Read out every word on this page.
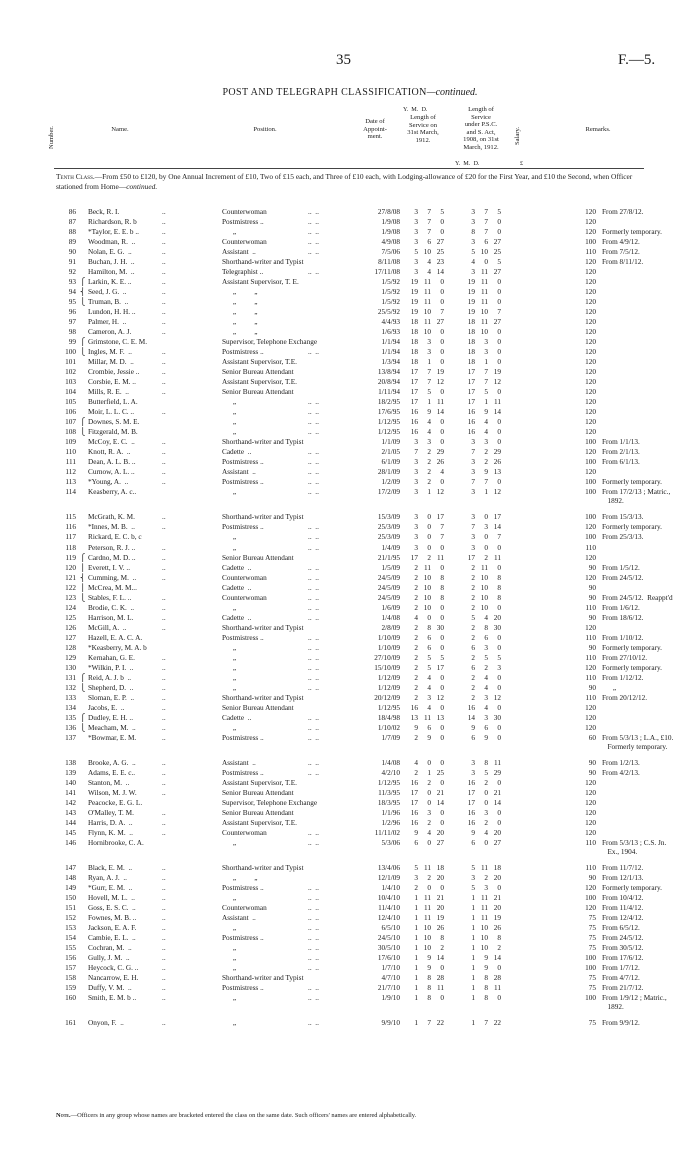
35	F.—5.
POST AND TELEGRAPH CLASSIFICATION—continued.
Number.	Name.	Position.
Date of
Appoint-
ment.
Length of
Service on
31st March,
1912.
Length of
Service
under P.S.C.
and S. Act,
1908, on 31st
March, 1912.
Salary.	Remarks.
Y.  M.  D.
Y.  M.  D.	£
Tenth Class.—From £50 to £120, by One Annual Increment of £10, Two of £15 each, and Three of £10 each, with Lodging-allowance of £20 for the First Year, and £10 the Second, when Officer stationed from Home—continued.
86 Beck, R. I.	..	Counterwoman	..  ..	27/8/08	3	7	5	3	7	5	120 From 27/8/12.
87 Richardson, R. b	..	Postmistress ..	..  ..	1/9/08	3	7	0	3	7	0	120
88 *Taylor, E. E. b ..	..	„	..  ..	1/9/08	3	7	0	8	7	0	120 Formerly temporary.
89 Woodman, R.  ..	..	Counterwoman	..  ..	4/9/08	3	6 27	3	6 27	100 From 4/9/12.
90 Nolan, E. G.  ..	..	Assistant  ..	..  ..	7/5/06	5 10 25	5 10 25	110 From 7/5/12.
91 Buchan, J. H.  ..	..	Shorthand-writer and Typist	8/11/08	3	4 23	4	0	5	120 From 8/11/12.
92 Hamilton, M.  ..	..	Telegraphist ..	..  ..	17/11/08	3	4 14	3 11 27	120
93 ⎧ Larkin, K. E. ..	..	Assistant Supervisor, T. E.	1/5/92	19 11	0	19 11	0	120
94 ⎨ Seed, J. G.  ..	..	„          „	1/5/92	19 11	0	19 11	0	120
95 ⎩ Truman, B.  ..	..	„          „	1/5/92	19 11	0	19 11	0	120
96 Lundon, H. H. ..	..	„          „	25/5/92	19 10	7	19 10	7	120
97 Palmer, H.  ..	..	„          „	4/4/93	18 11 27	18 11 27	120
98 Cameron, A. J.	..	„          „	1/6/93	18 10	0	18 10	0	120
99 ⎧ Grimstone, C. E. M.	Supervisor, Telephone Exchange	1/1/94	18	3	0	18	3	0	120
100 ⎩ Ingles, M. F.  ..	..	Postmistress ..	..  ..	1/1/94	18	3	0	18	3	0	120
101 Millar, M. D.  ..	..	Assistant Supervisor, T.E.	1/3/94	18	1	0	18	1	0	120
102 Crombie, Jessie ..	..	Senior Bureau Attendant	13/8/94	17	7 19	17	7 19	120
103 Corsbie, E. M. ..	..	Assistant Supervisor, T.E.	20/8/94	17	7 12	17	7 12	120
104 Mills, R. E.  ..	..	Senior Bureau Attendant	1/11/94	17	5	0	17	5	0	120
105 Butterfield, L. A.	„	..  ..	18/2/95	17	1 11	17	1 11	120
106 Moir, L. L. C. ..	..	„	..  ..	17/6/95	16	9 14	16	9 14	120
107 ⎧ Downes, S. M. E.	„	..  ..	1/12/95	16	4	0	16	4	0	120
108 ⎩ Fitzgerald, M. B.	„	..  ..	1/12/95	16	4	0	16	4	0	120
109 McCoy, E. C.  ..	..	Shorthand-writer and Typist	1/1/09	3	3	0	3	3	0	100 From 1/1/13.
110 Knott, R. A.  ..	..	Cadette  ..	..  ..	2/1/05	7	2 29	7	2 29	120 From 2/1/13.
111 Dean, A. L. B. ..	..	Postmistress ..	..  ..	6/1/09	3	2 26	3	2 26	100 From 6/1/13.
112 Curnow, A. L. ..	..	Assistant  ..	..  ..	28/1/09	3	2	4	3	9 13	120
113 *Young, A.  ..	..	Postmistress ..	..  ..	1/2/09	3	2	0	7	7	0	100 Formerly temporary.
114 Keasberry, A. c..	„	..  ..	17/2/09	3	1 12	3	1 12	100 From 17/2/13 ; Matric.,
1892.
115 McGrath, K. M.	..	Shorthand-writer and Typist	15/3/09	3	0 17	3	0 17	100 From 15/3/13.
116 *Innes, M. B.  ..	..	Postmistress ..	..  ..	25/3/09	3	0	7	7	3 14	120 Formerly temporary.
117 Rickard, E. C. b, c	„	..  ..	25/3/09	3	0	7	3	0	7	100 From 25/3/13.
118 Peterson, R. J. ..	..	„	..  ..	1/4/09	3	0	0	3	0	0	110
119 ⎧ Cardno, M. D. ..	..	Senior Bureau Attendant	21/1/95	17	2 11	17	2 11	120
120 ⎪ Everett, I. V. ..	..	Cadette  ..	..  ..	1/5/09	2 11	0	2 11	0	90 From 1/5/12.
121 ⎨ Cumming, M.  ..	..	Counterwoman	..  ..	24/5/09	2 10	8	2 10	8	120 From 24/5/12.
122 ⎪ McCrea, M. M...	Cadette  ..	..  ..	24/5/09	2 10	8	2 10	8	90
123 ⎩ Stables, F. L. ..	..	Counterwoman	..  ..	24/5/09	2 10	8	2 10	8	90 From 24/5/12.  Reappt'd
124 Brodie, C. K.  ..	..	„	..  ..	1/6/09	2 10	0	2 10	0	110 From 1/6/12.
125 Harrison, M. L.	..	Cadette  ..	..  ..	1/4/08	4	0	0	5	4 20	90 From 18/6/12.
126 McGill, A.  ..	..	Shorthand-writer and Typist	2/8/09	2	8 30	2	8 30	120
127 Hazell, E. A. C. A.	Postmistress ..	..  ..	1/10/09	2	6	0	2	6	0	110 From 1/10/12.
128 *Keasberry, M. A. b	„	..  ..	1/10/09	2	6	0	6	3	0	90 Formerly temporary.
129 Kernahan, G. E.	..	„	..  ..	27/10/09	2	5	5	2	5	5	110 From 27/10/12.
130 *Wilkin, P. I.  ..	..	„	..  ..	15/10/09	2	5 17	6	2	3	120 Formerly temporary.
131 ⎧ Reid, A. J. b  ..	..	„	..  ..	1/12/09	2	4	0	2	4	0	110 From 1/12/12.
132 ⎩ Shepherd, D.  ..	..	„	..  ..	1/12/09	2	4	0	2	4	0	90 „
133 Sloman, E. P.  ..	..	Shorthand-writer and Typist	20/12/09	2	3 12	2	3 12	110 From 20/12/12.
134 Jacobs, E.  ..	..	Senior Bureau Attendant	1/12/95	16	4	0	16	4	0	120
135 ⎧ Dudley, E. H. ..	..	Cadette  ..	..  ..	18/4/98	13 11 13	14	3 30	120
136 ⎩ Meacham, M.  ..	..	„	..  ..	1/10/02	9	6	0	9	6	0	120
137 *Bowmar, E. M.	..	Postmistress ..	..  ..	1/7/09	2	9	0	6	9	0	60 From 5/3/13 ; L.A., £10.
Formerly temporary.
138 Brooke, A. G.  ..	..	Assistant  ..	..  ..	1/4/08	4	0	0	3	8 11	90 From 1/2/13.
139 Adams, E. E. c..	..	Postmistress ..	..  ..	4/2/10	2	1 25	3	5 29	90 From 4/2/13.
140 Stanton, M.  ..	..	Assistant Supervisor, T.E.	1/12/95	16	2	0	16	2	0	120
141 Wilson, M. J. W.	..	Senior Bureau Attendant	11/3/95	17	0 21	17	0 21	120
142 Peacocke, E. G. L.	Supervisor, Telephone Exchange	18/3/95	17	0 14	17	0 14	120
143 O'Malley, T. M.	..	Senior Bureau Attendant	1/1/96	16	3	0	16	3	0	120
144 Harris, D. A.  ..	..	Assistant Supervisor, T.E.	1/2/96	16	2	0	16	2	0	120
145 Flynn, K. M.  ..	..	Counterwoman	..  ..	11/11/02	9	4 20	9	4 20	120
146 Hornibrooke, C. A.	„	..  ..	5/3/06	6	0 27	6	0 27	110 From 5/3/13 ; C.S. Jn.
Ex., 1904.
147 Black, E. M.  ..	..	Shorthand-writer and Typist	13/4/06	5 11 18	5 11 18	110 From 11/7/12.
148 Ryan, A. J.  ..	..	„          „	12/1/09	3	2 20	3	2 20	90 From 12/1/13.
149 *Gurr, E. M.  ..	..	Postmistress ..	..  ..	1/4/10	2	0	0	5	3	0	120 Formerly temporary.
150 Hovell, M. L.  ..	..	„	..  ..	10/4/10	1 11 21	1 11 21	100 From 10/4/12.
151 Goss, E. S. C.  ..	..	Counterwoman	..  ..	11/4/10	1 11 20	1 11 20	120 From 11/4/12.
152 Fownes, M. B. ..	..	Assistant  ..	..  ..	12/4/10	1 11 19	1 11 19	75 From 12/4/12.
153 Jackson, E. A. F.	..	„	..  ..	6/5/10	1 10 26	1 10 26	75 From 6/5/12.
154 Cambie, E. L.  ..	..	Postmistress ..	..  ..	24/5/10	1 10	8	1 10	8	75 From 24/5/12.
155 Cochran, M.  ..	..	„	..  ..	30/5/10	1 10	2	1 10	2	75 From 30/5/12.
156 Gully, J. M.  ..	..	„	..  ..	17/6/10	1	9 14	1	9 14	100 From 17/6/12.
157 Heycock, C. G. ..	..	„	..  ..	1/7/10	1	9	0	1	9	0	100 From 1/7/12.
158 Nancarrow, E. H.	..	Shorthand-writer and Typist	4/7/10	1	8 28	1	8 28	75 From 4/7/12.
159 Duffy, V. M.  ..	..	Postmistress ..	..  ..	21/7/10	1	8 11	1	8 11	75 From 21/7/12.
160 Smith, E. M. b ..	..	„	..  ..	1/9/10	1	8	0	1	8	0	100 From 1/9/12 ; Matric.,
1892.
161 Onyon, F.  ..	..	„	..  ..	9/9/10	1	7 22	1	7 22	75 From 9/9/12.
Note.—Officers in any group whose names are bracketed entered the class on the same date. Such officers' names are entered alphabetically.
